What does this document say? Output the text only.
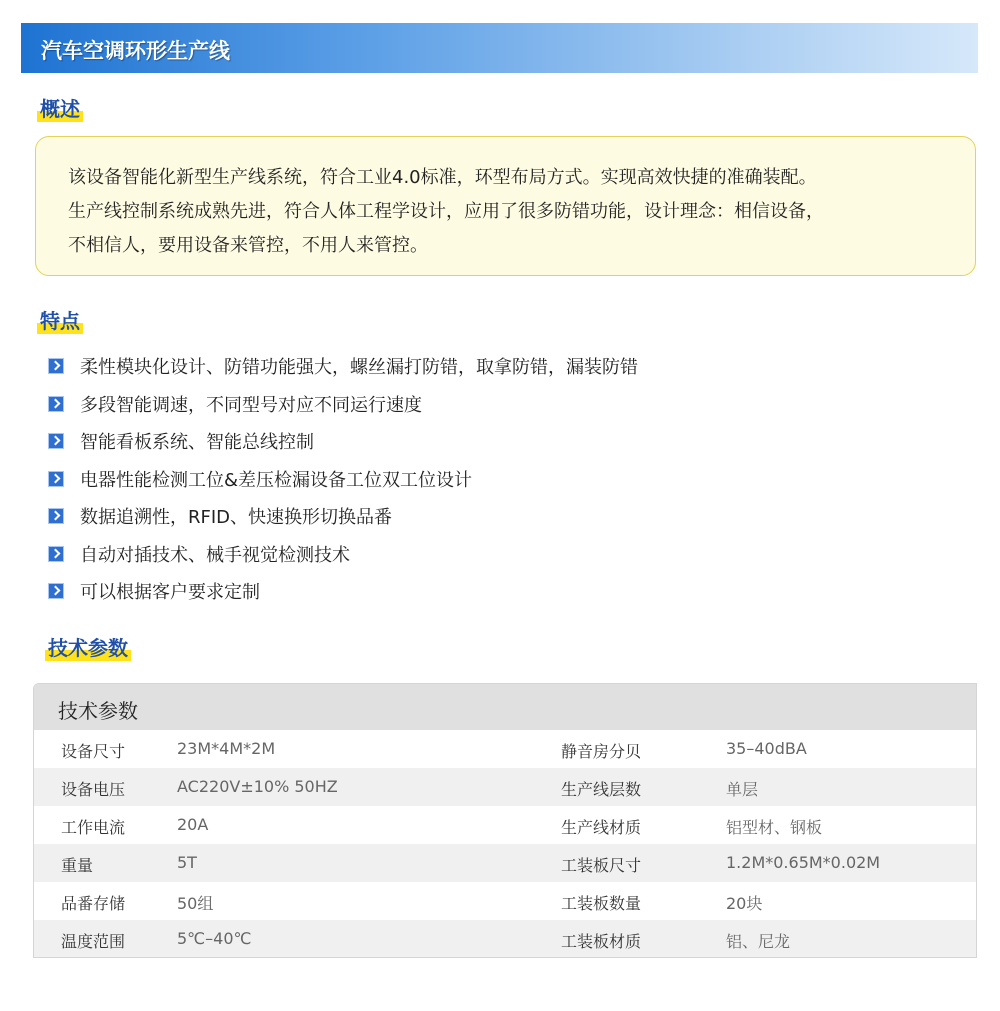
汽车空调环形生产线
概述
该设备智能化新型生产线系统，符合工业4.0标准，环型布局方式。实现高效快捷的准确装配。
生产线控制系统成熟先进，符合人体工程学设计，应用了很多防错功能，设计理念：相信设备，
不相信人，要用设备来管控，不用人来管控。
特点
柔性模块化设计、防错功能强大，螺丝漏打防错，取拿防错，漏装防错
多段智能调速，不同型号对应不同运行速度
智能看板系统、智能总线控制
电器性能检测工位&差压检漏设备工位双工位设计
数据追溯性，RFID、快速换形切换品番
自动对插技术、械手视觉检测技术
可以根据客户要求定制
技术参数
技术参数
设备尺寸	23M*4M*2M	静音房分贝	35–40dBA
设备电压	AC220V±10% 50HZ	生产线层数	单层
工作电流	20A	生产线材质	铝型材、钢板
重量	5T	工装板尺寸	1.2M*0.65M*0.02M
品番存储	50组	工装板数量	20块
温度范围	5℃–40℃	工装板材质	铝、尼龙
